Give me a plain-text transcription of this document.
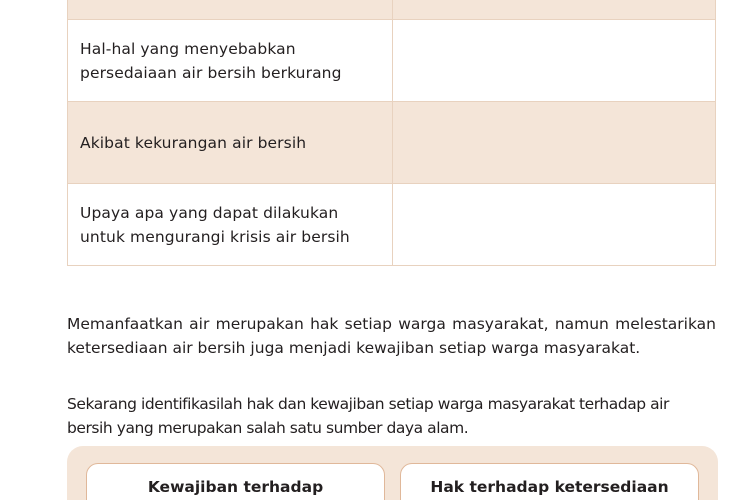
Hal-hal yang menyebabkan persedaiaan air bersih berkurang	
Akibat kekurangan air bersih	
Upaya apa yang dapat dilakukan untuk mengurangi krisis air bersih	

Memanfaatkan air merupakan hak setiap warga masyarakat, namun melestarikan ketersediaan air bersih juga menjadi kewajiban setiap warga masyarakat.

Sekarang identifikasilah hak dan kewajiban setiap warga masyarakat terhadap air bersih yang merupakan salah satu sumber daya alam.

Kewajiban terhadap	Hak terhadap ketersediaan
